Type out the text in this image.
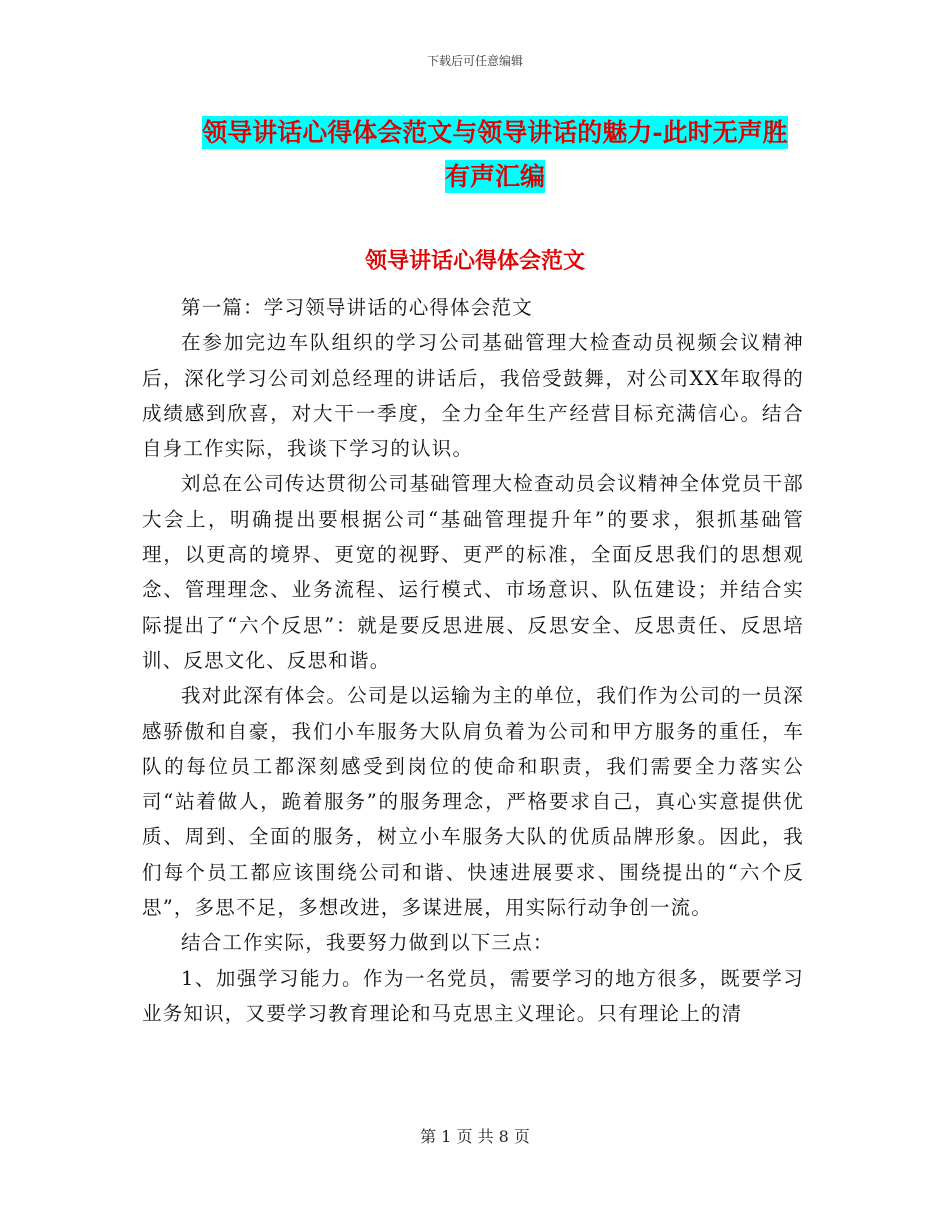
下载后可任意编辑
领导讲话心得体会范文与领导讲话的魅力-此时无声胜
有声汇编
领导讲话心得体会范文

第一篇：学习领导讲话的心得体会范文

在参加完边车队组织的学习公司基础管理大检查动员视频会议精神后，深化学习公司刘总经理的讲话后，我倍受鼓舞，对公司XX年取得的成绩感到欣喜，对大干一季度，全力全年生产经营目标充满信心。结合自身工作实际，我谈下学习的认识。

刘总在公司传达贯彻公司基础管理大检查动员会议精神全体党员干部大会上，明确提出要根据公司“基础管理提升年”的要求，狠抓基础管理，以更高的境界、更宽的视野、更严的标准，全面反思我们的思想观念、管理理念、业务流程、运行模式、市场意识、队伍建设；并结合实际提出了“六个反思”：就是要反思进展、反思安全、反思责任、反思培训、反思文化、反思和谐。

我对此深有体会。公司是以运输为主的单位，我们作为公司的一员深感骄傲和自豪，我们小车服务大队肩负着为公司和甲方服务的重任，车队的每位员工都深刻感受到岗位的使命和职责，我们需要全力落实公司“站着做人，跪着服务”的服务理念，严格要求自己，真心实意提供优质、周到、全面的服务，树立小车服务大队的优质品牌形象。因此，我们每个员工都应该围绕公司和谐、快速进展要求、围绕提出的“六个反思”，多思不足，多想改进，多谋进展，用实际行动争创一流。

结合工作实际，我要努力做到以下三点：

1、加强学习能力。作为一名党员，需要学习的地方很多，既要学习业务知识，又要学习教育理论和马克思主义理论。只有理论上的清

第 1 页 共 8 页
